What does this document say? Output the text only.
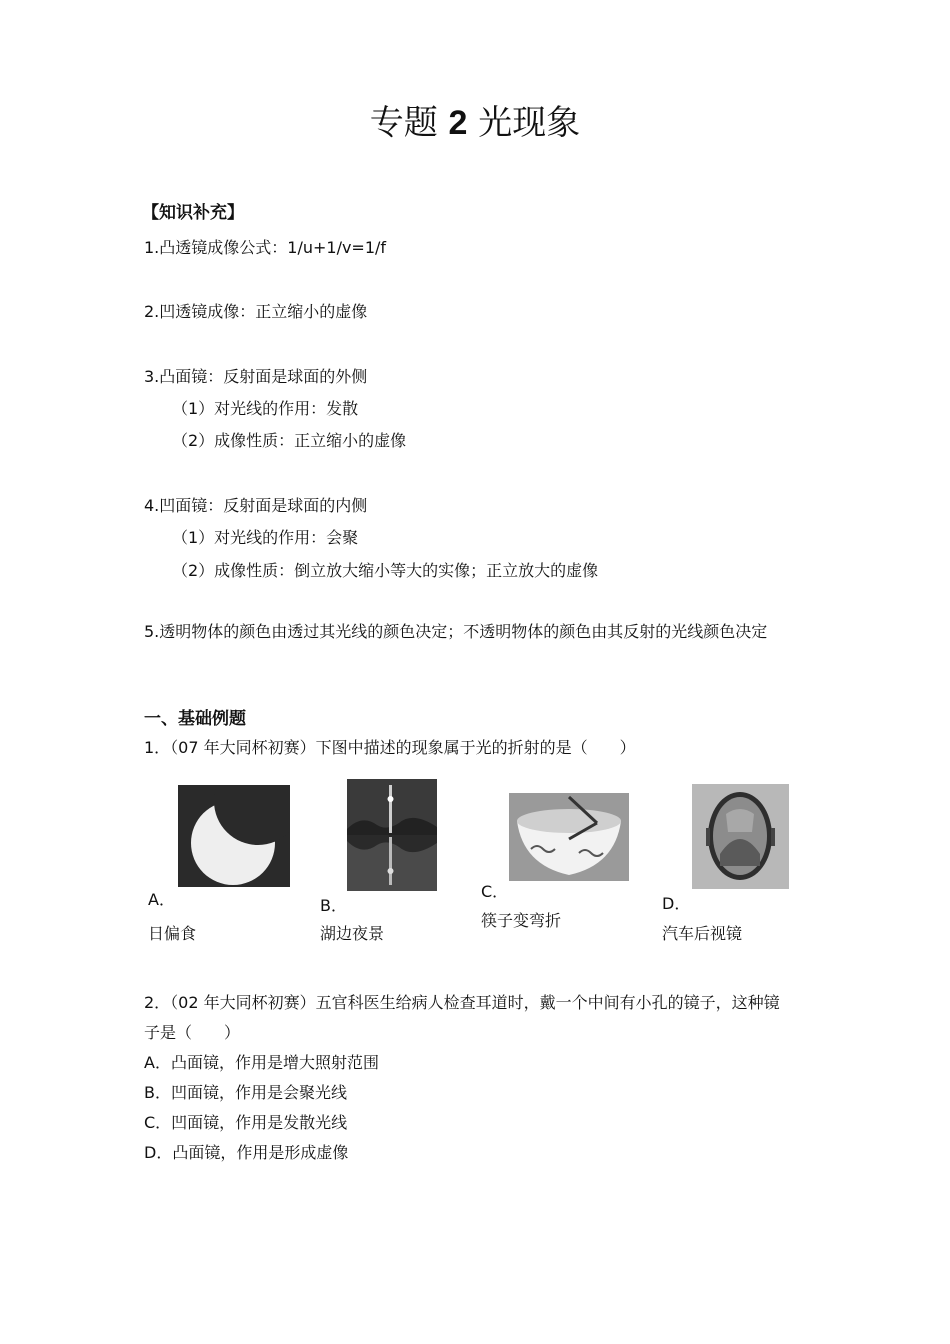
专题 2 光现象
【知识补充】
1.凸透镜成像公式：1/u+1/v=1/f
2.凹透镜成像：正立缩小的虚像
3.凸面镜：反射面是球面的外侧
（1）对光线的作用：发散
（2）成像性质：正立缩小的虚像
4.凹面镜：反射面是球面的内侧
（1）对光线的作用：会聚
（2）成像性质：倒立放大缩小等大的实像；正立放大的虚像
5.透明物体的颜色由透过其光线的颜色决定；不透明物体的颜色由其反射的光线颜色决定
一、基础例题
1．（07 年大同杯初赛）下图中描述的现象属于光的折射的是（　　）
A．
日偏食
B．
湖边夜景
C．
筷子变弯折
D．
汽车后视镜
2．（02 年大同杯初赛）五官科医生给病人检查耳道时，戴一个中间有小孔的镜子，这种镜
子是（　　）
A．凸面镜，作用是增大照射范围
B．凹面镜，作用是会聚光线
C．凹面镜，作用是发散光线
D．凸面镜，作用是形成虚像
